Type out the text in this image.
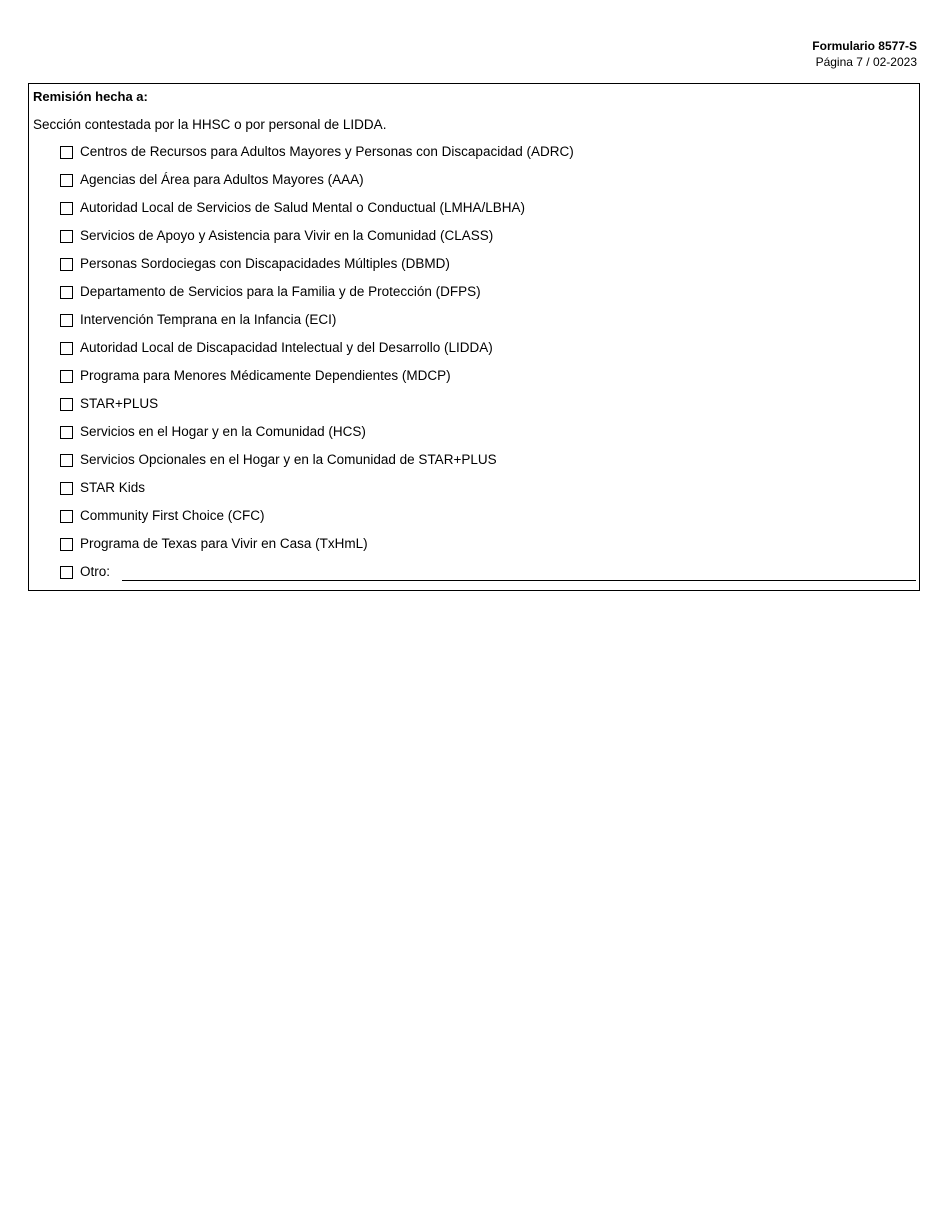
Formulario 8577-S
Página 7 / 02-2023
Remisión hecha a:
Sección contestada por la HHSC o por personal de LIDDA.
Centros de Recursos para Adultos Mayores y Personas con Discapacidad (ADRC)
Agencias del Área para Adultos Mayores (AAA)
Autoridad Local de Servicios de Salud Mental o Conductual (LMHA/LBHA)
Servicios de Apoyo y Asistencia para Vivir en la Comunidad (CLASS)
Personas Sordociegas con Discapacidades Múltiples (DBMD)
Departamento de Servicios para la Familia y de Protección (DFPS)
Intervención Temprana en la Infancia (ECI)
Autoridad Local de Discapacidad Intelectual y del Desarrollo (LIDDA)
Programa para Menores Médicamente Dependientes (MDCP)
STAR+PLUS
Servicios en el Hogar y en la Comunidad (HCS)
Servicios Opcionales en el Hogar y en la Comunidad de STAR+PLUS
STAR Kids
Community First Choice (CFC)
Programa de Texas para Vivir en Casa (TxHmL)
Otro:
